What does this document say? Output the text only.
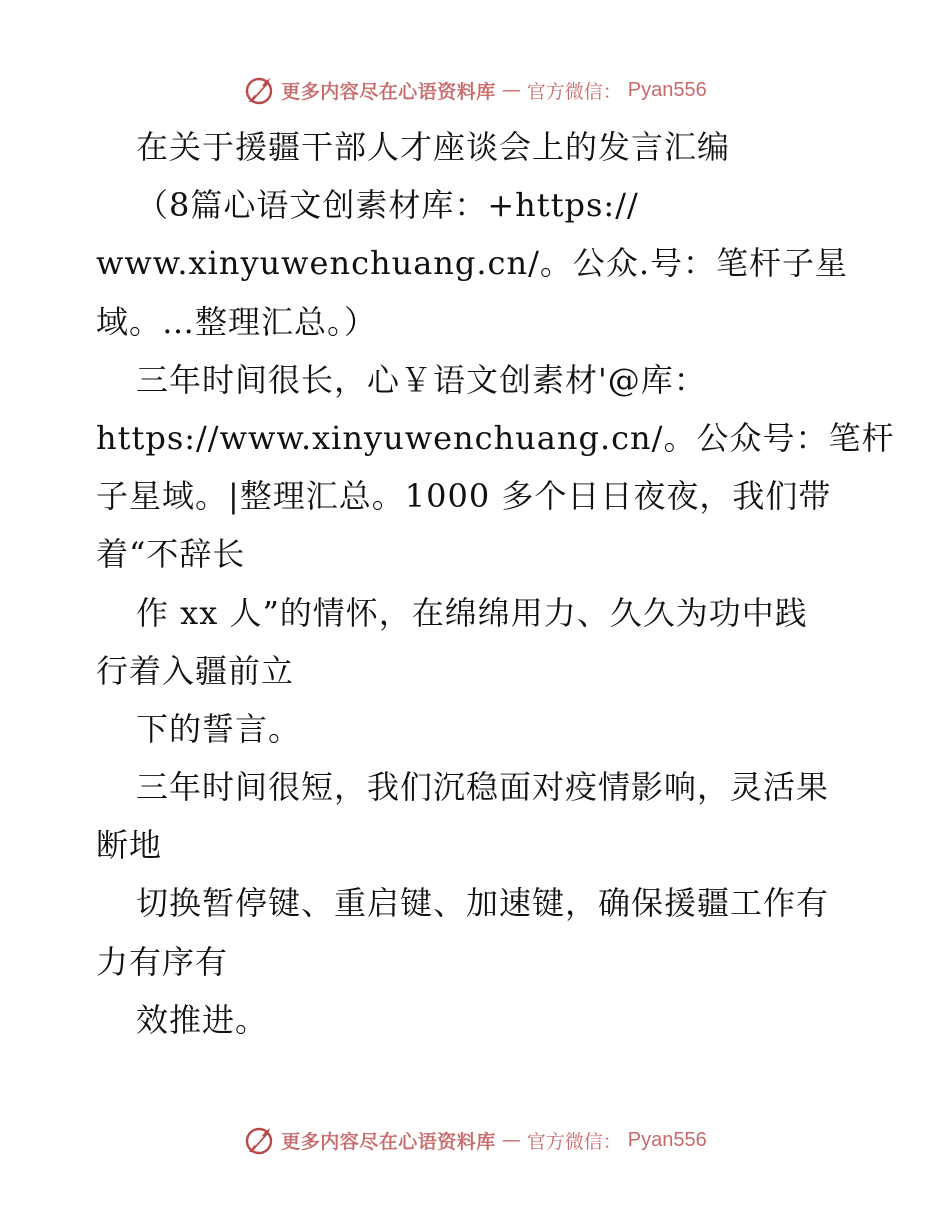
更多内容尽在心语资料库 — 官方微信： Pyan556
在关于援疆干部人才座谈会上的发言汇编
（8篇心语文创素材库：+https://
www.xinyuwenchuang.cn/。公众.号：笔杆子星
域。…整理汇总。）
三年时间很长，心￥语文创素材'@库：
https://www.xinyuwenchuang.cn/。公众号：笔杆
子星域。|整理汇总。1000 多个日日夜夜，我们带
着“不辞长
作 xx 人”的情怀，在绵绵用力、久久为功中践
行着入疆前立
下的誓言。
三年时间很短，我们沉稳面对疫情影响，灵活果
断地
切换暂停键、重启键、加速键，确保援疆工作有
力有序有
效推进。
更多内容尽在心语资料库 — 官方微信： Pyan556
